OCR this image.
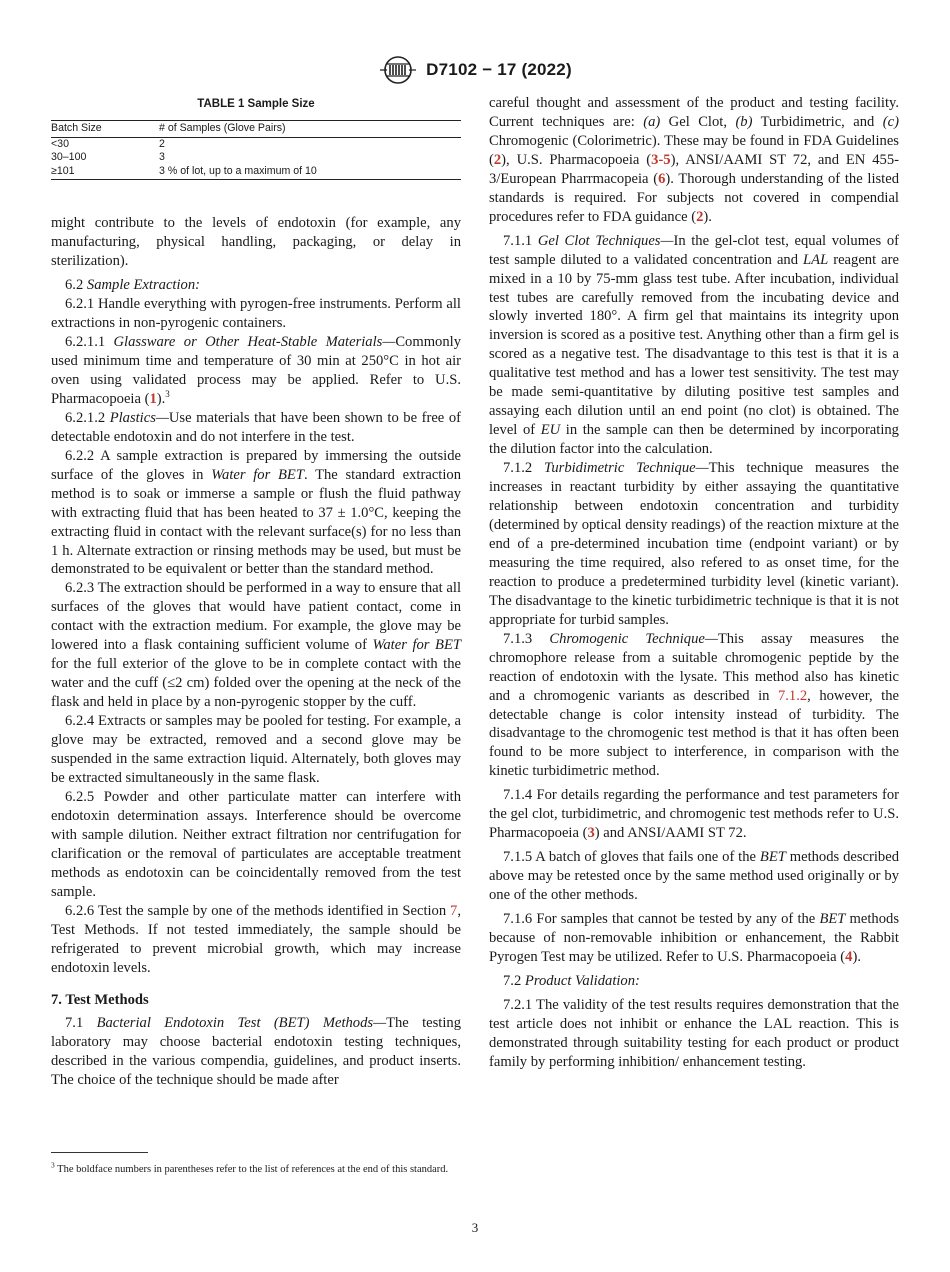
D7102 − 17 (2022)
TABLE 1 Sample Size
Batch Size	# of Samples (Glove Pairs)
<30	2
30–100	3
≥101	3 % of lot, up to a maximum of 10

might contribute to the levels of endotoxin (for example, any manufacturing, physical handling, packaging, or delay in sterilization).

6.2 Sample Extraction:

6.2.1 Handle everything with pyrogen-free instruments. Perform all extractions in non-pyrogenic containers.

6.2.1.1 Glassware or Other Heat-Stable Materials—Commonly used minimum time and temperature of 30 min at 250°C in hot air oven using validated process may be applied. Refer to U.S. Pharmacopoeia (1).$^3$

6.2.1.2 Plastics—Use materials that have been shown to be free of detectable endotoxin and do not interfere in the test.

6.2.2 A sample extraction is prepared by immersing the outside surface of the gloves in Water for BET. The standard extraction method is to soak or immerse a sample or flush the fluid pathway with extracting fluid that has been heated to 37 ± 1.0°C, keeping the extracting fluid in contact with the relevant surface(s) for no less than 1 h. Alternate extraction or rinsing methods may be used, but must be demonstrated to be equivalent or better than the standard method.

6.2.3 The extraction should be performed in a way to ensure that all surfaces of the gloves that would have patient contact, come in contact with the extraction medium. For example, the glove may be lowered into a flask containing sufficient volume of Water for BET for the full exterior of the glove to be in complete contact with the water and the cuff (≤2 cm) folded over the opening at the neck of the flask and held in place by a non-pyrogenic stopper by the cuff.

6.2.4 Extracts or samples may be pooled for testing. For example, a glove may be extracted, removed and a second glove may be suspended in the same extraction liquid. Alternately, both gloves may be extracted simultaneously in the same flask.

6.2.5 Powder and other particulate matter can interfere with endotoxin determination assays. Interference should be overcome with sample dilution. Neither extract filtration nor centrifugation for clarification or the removal of particulates are acceptable treatment methods as endotoxin can be coincidentally removed from the test sample.

6.2.6 Test the sample by one of the methods identified in Section 7, Test Methods. If not tested immediately, the sample should be refrigerated to prevent microbial growth, which may increase endotoxin levels.

7. Test Methods

7.1 Bacterial Endotoxin Test (BET) Methods—The testing laboratory may choose bacterial endotoxin testing techniques, described in the various compendia, guidelines, and product inserts. The choice of the technique should be made after

careful thought and assessment of the product and testing facility. Current techniques are: (a) Gel Clot, (b) Turbidimetric, and (c) Chromogenic (Colorimetric). These may be found in FDA Guidelines (2), U.S. Pharmacopoeia (3-5), ANSI/AAMI ST 72, and EN 455-3/European Pharrmacopeia (6). Thorough understanding of the listed standards is required. For subjects not covered in compendial procedures refer to FDA guidance (2).

7.1.1 Gel Clot Techniques—In the gel-clot test, equal volumes of test sample diluted to a validated concentration and LAL reagent are mixed in a 10 by 75-mm glass test tube. After incubation, individual test tubes are carefully removed from the incubating device and slowly inverted 180°. A firm gel that maintains its integrity upon inversion is scored as a positive test. Anything other than a firm gel is scored as a negative test. The disadvantage to this test is that it is a qualitative test method and has a lower test sensitivity. The test may be made semi-quantitative by diluting positive test samples and assaying each dilution until an end point (no clot) is obtained. The level of EU in the sample can then be determined by incorporating the dilution factor into the calculation.

7.1.2 Turbidimetric Technique—This technique measures the increases in reactant turbidity by either assaying the quantitative relationship between endotoxin concentration and turbidity (determined by optical density readings) of the reaction mixture at the end of a pre-determined incubation time (endpoint variant) or by measuring the time required, also refered to as onset time, for the reaction to produce a predetermined turbidity level (kinetic variant). The disadvantage to the kinetic turbidimetric technique is that it is not appropriate for turbid samples.

7.1.3 Chromogenic Technique—This assay measures the chromophore release from a suitable chromogenic peptide by the reaction of endotoxin with the lysate. This method also has kinetic and a chromogenic variants as described in 7.1.2, however, the detectable change is color intensity instead of turbidity. The disadvantage to the chromogenic test method is that it has often been found to be more subject to interference, in comparison with the kinetic turbidimetric method.

7.1.4 For details regarding the performance and test parameters for the gel clot, turbidimetric, and chromogenic test methods refer to U.S. Pharmacopoeia (3) and ANSI/AAMI ST 72.

7.1.5 A batch of gloves that fails one of the BET methods described above may be retested once by the same method used originally or by one of the other methods.

7.1.6 For samples that cannot be tested by any of the BET methods because of non-removable inhibition or enhancement, the Rabbit Pyrogen Test may be utilized. Refer to U.S. Pharmacopoeia (4).

7.2 Product Validation:

7.2.1 The validity of the test results requires demonstration that the test article does not inhibit or enhance the LAL reaction. This is demonstrated through suitability testing for each product or product family by performing inhibition/ enhancement testing.

$^3$ The boldface numbers in parentheses refer to the list of references at the end of this standard.
3
